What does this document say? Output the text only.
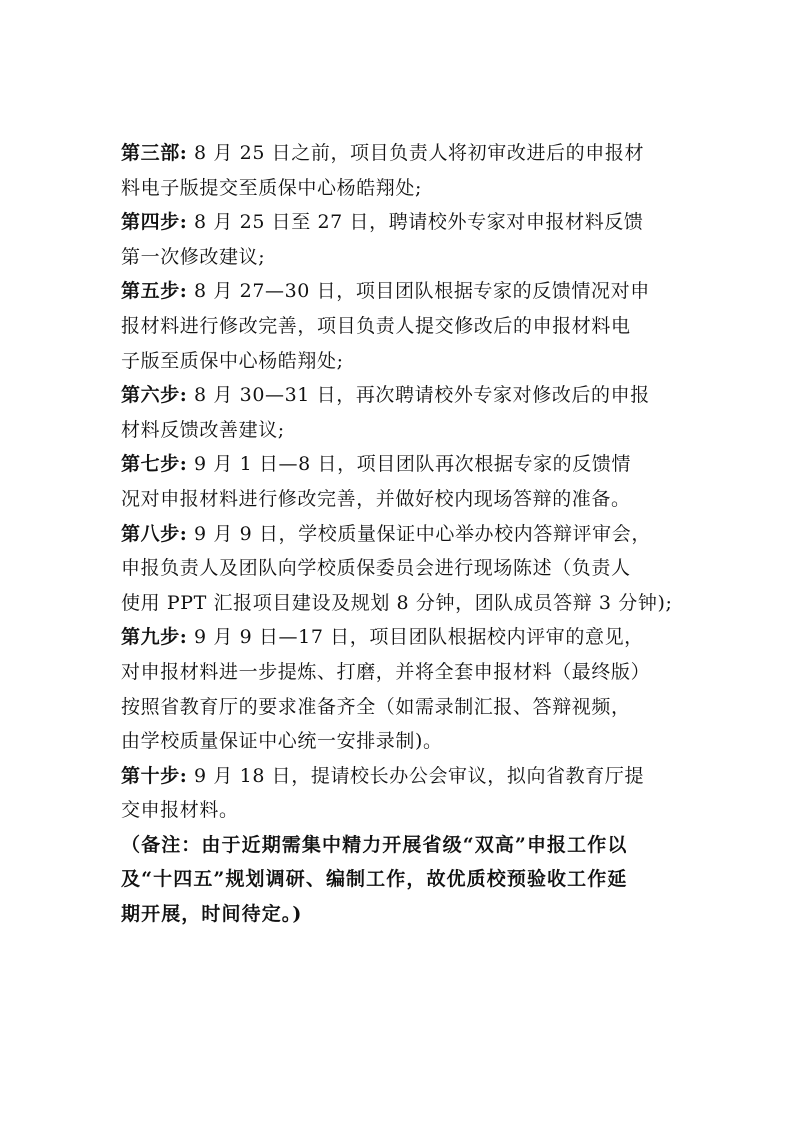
第三部: 8 月 25 日之前，项目负责人将初审改进后的申报材
料电子版提交至质保中心杨皓翔处;
第四步: 8 月 25 日至 27 日，聘请校外专家对申报材料反馈
第一次修改建议;
第五步: 8 月 27—30 日，项目团队根据专家的反馈情况对申
报材料进行修改完善，项目负责人提交修改后的申报材料电
子版至质保中心杨皓翔处;
第六步: 8 月 30—31 日，再次聘请校外专家对修改后的申报
材料反馈改善建议;
第七步: 9 月 1 日—8 日，项目团队再次根据专家的反馈情
况对申报材料进行修改完善，并做好校内现场答辩的准备。
第八步: 9 月 9 日，学校质量保证中心举办校内答辩评审会，
申报负责人及团队向学校质保委员会进行现场陈述（负责人
使用 PPT 汇报项目建设及规划 8 分钟，团队成员答辩 3 分钟);
第九步: 9 月 9 日—17 日，项目团队根据校内评审的意见，
对申报材料进一步提炼、打磨，并将全套申报材料（最终版）
按照省教育厅的要求准备齐全（如需录制汇报、答辩视频，
由学校质量保证中心统一安排录制)。
第十步: 9 月 18 日，提请校长办公会审议，拟向省教育厅提
交申报材料。
（备注：由于近期需集中精力开展省级“双高”申报工作以
及“十四五”规划调研、编制工作，故优质校预验收工作延
期开展，时间待定。)
